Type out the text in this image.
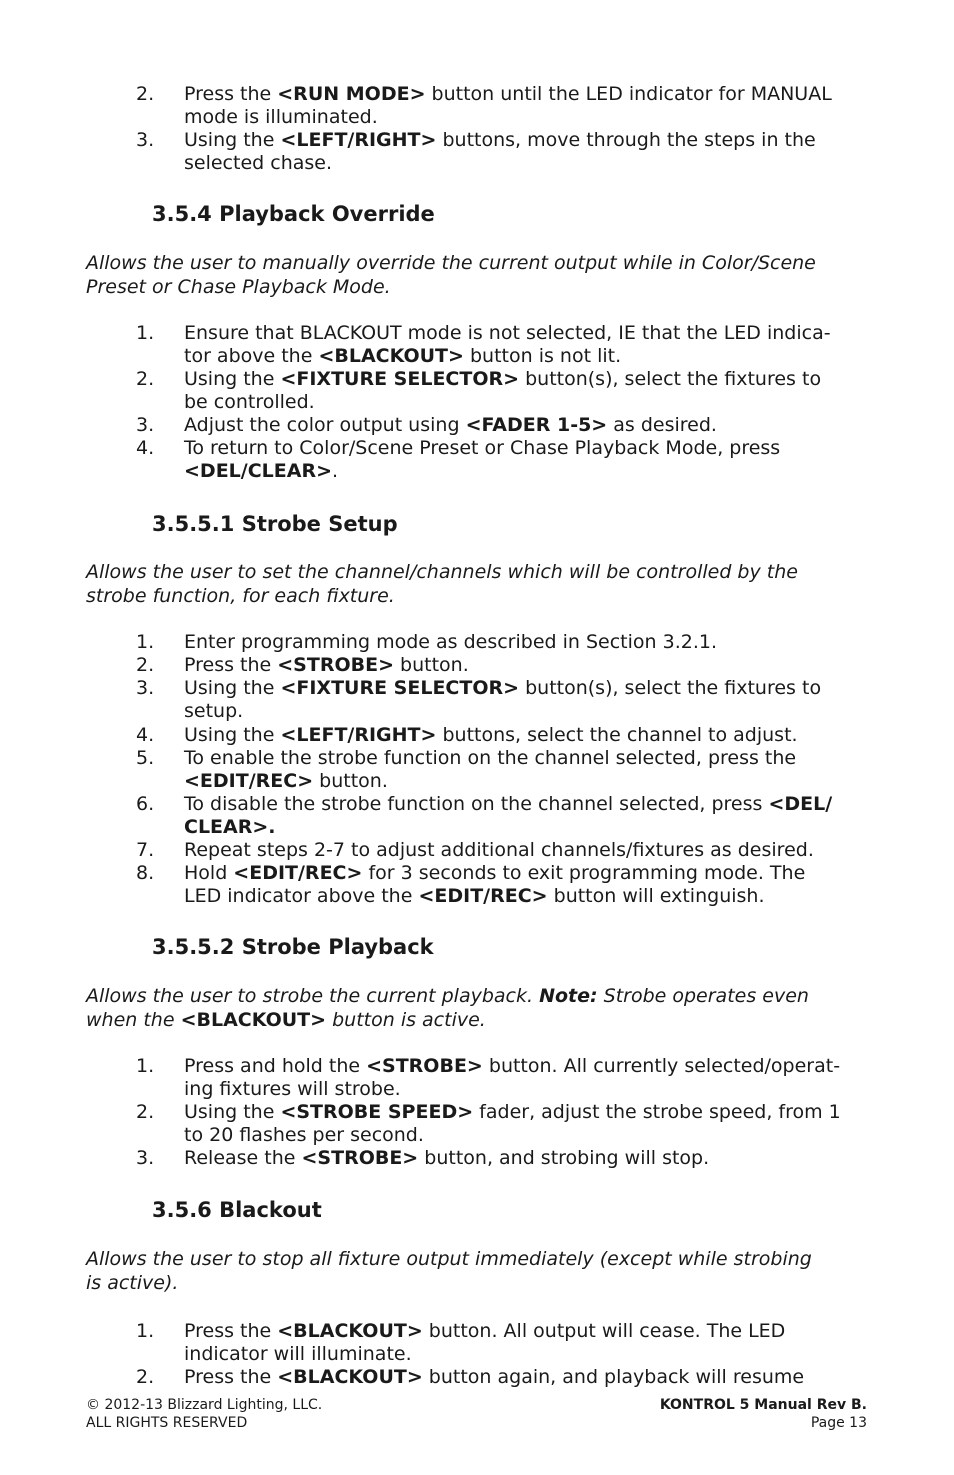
2.	Press the <RUN MODE> button until the LED indicator for MANUAL
mode is illuminated.
3.	Using the <LEFT/RIGHT> buttons, move through the steps in the
selected chase.
3.5.4 Playback Override
Allows the user to manually override the current output while in Color/Scene
Preset or Chase Playback Mode.
1.	Ensure that BLACKOUT mode is not selected, IE that the LED indica-
tor above the <BLACKOUT> button is not lit.
2.	Using the <FIXTURE SELECTOR> button(s), select the fixtures to
be controlled.
3.	Adjust the color output using <FADER 1-5> as desired.
4.	To return to Color/Scene Preset or Chase Playback Mode, press
<DEL/CLEAR>.
3.5.5.1 Strobe Setup
Allows the user to set the channel/channels which will be controlled by the
strobe function, for each fixture.
1.	Enter programming mode as described in Section 3.2.1.
2.	Press the <STROBE> button.
3.	Using the <FIXTURE SELECTOR> button(s), select the fixtures to
setup.
4.	Using the <LEFT/RIGHT> buttons, select the channel to adjust.
5.	To enable the strobe function on the channel selected, press the
<EDIT/REC> button.
6.	To disable the strobe function on the channel selected, press <DEL/
CLEAR>.
7.	Repeat steps 2-7 to adjust additional channels/fixtures as desired.
8.	Hold <EDIT/REC> for 3 seconds to exit programming mode. The
LED indicator above the <EDIT/REC> button will extinguish.
3.5.5.2 Strobe Playback
Allows the user to strobe the current playback. Note: Strobe operates even
when the <BLACKOUT> button is active.
1.	Press and hold the <STROBE> button. All currently selected/operat-
ing fixtures will strobe.
2.	Using the <STROBE SPEED> fader, adjust the strobe speed, from 1
to 20 flashes per second.
3.	Release the <STROBE> button, and strobing will stop.
3.5.6 Blackout
Allows the user to stop all fixture output immediately (except while strobing
is active).
1.	Press the <BLACKOUT> button. All output will cease. The LED
indicator will illuminate.
2.	Press the <BLACKOUT> button again, and playback will resume
© 2012-13 Blizzard Lighting, LLC.
ALL RIGHTS RESERVED
KONTROL 5 Manual Rev B.
Page 13
